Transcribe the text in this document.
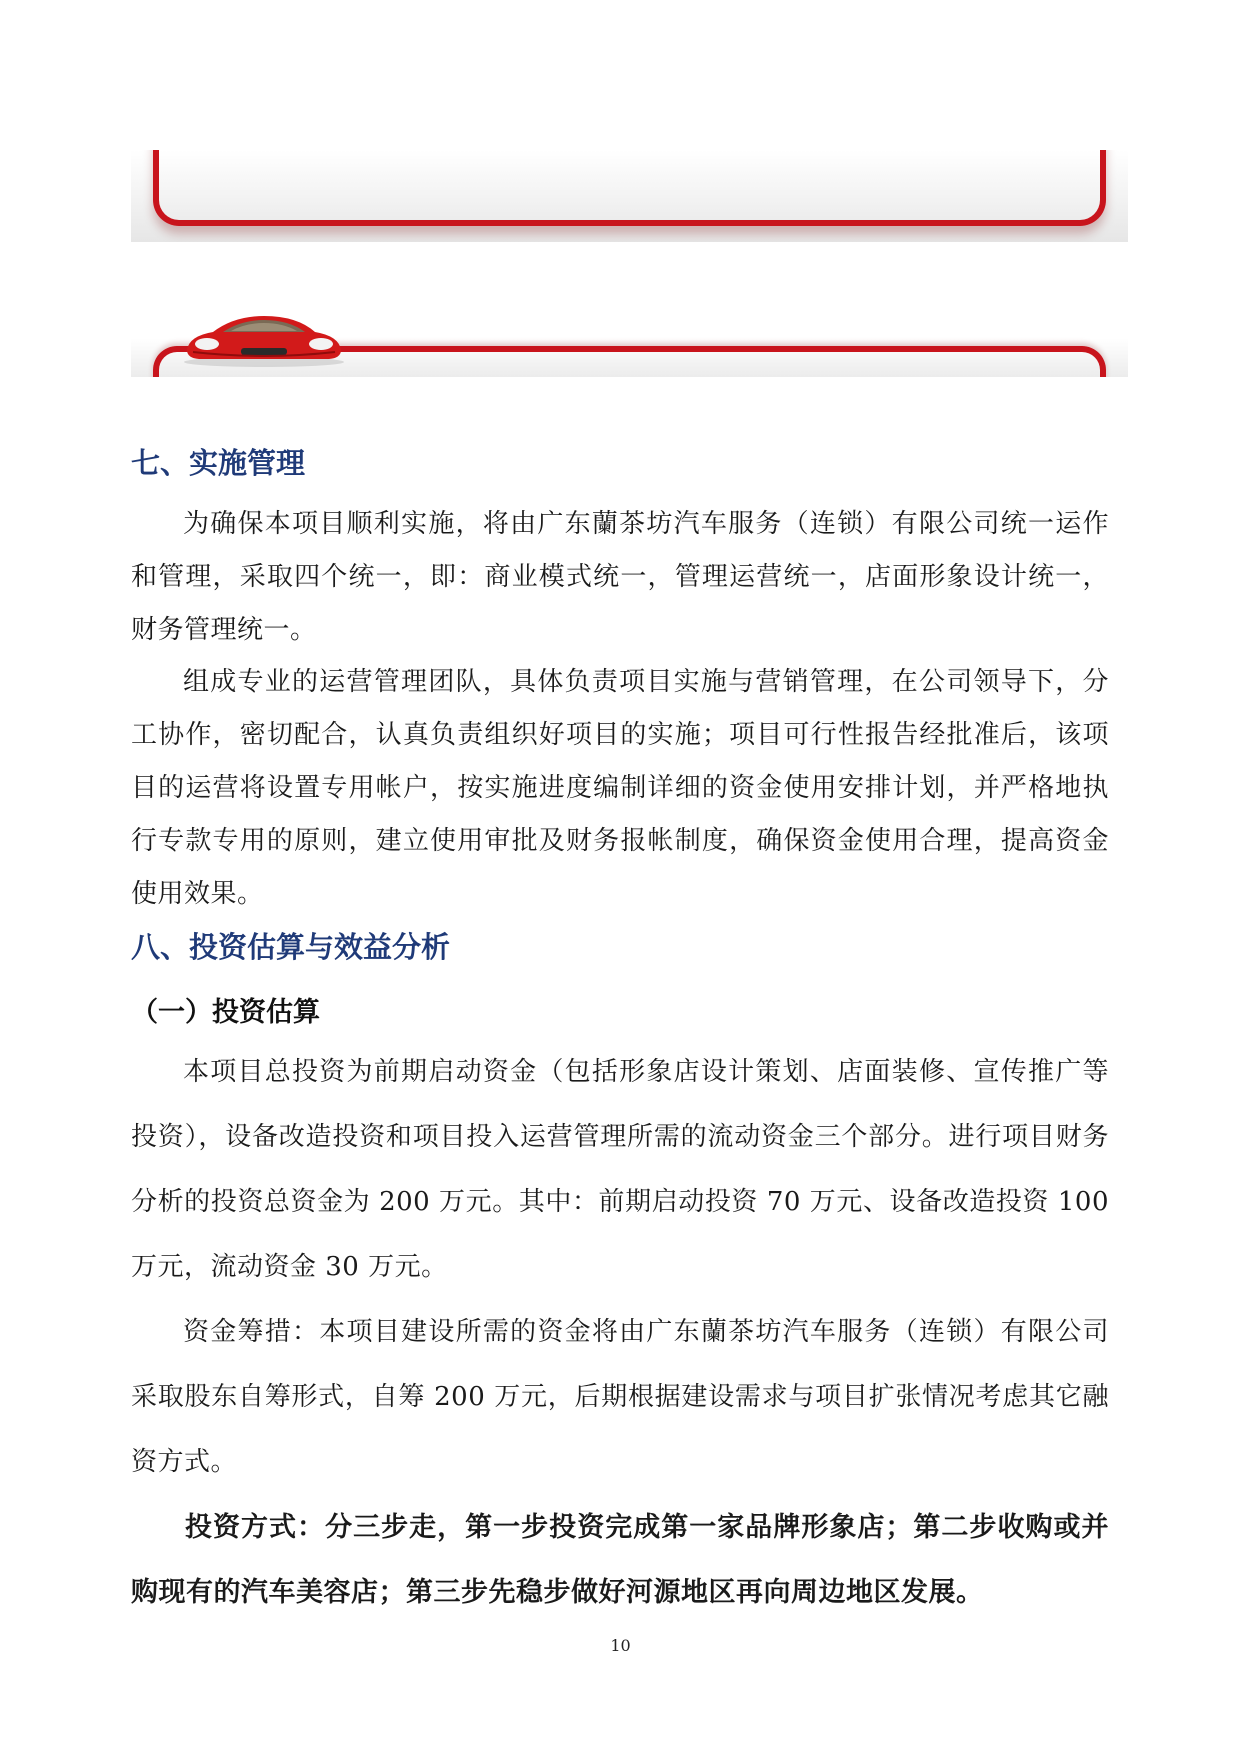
七、实施管理

为确保本项目顺利实施，将由广东蘭茶坊汽车服务（连锁）有限公司统一运作和管理，采取四个统一，即：商业模式统一，管理运营统一，店面形象设计统一，财务管理统一。

组成专业的运营管理团队，具体负责项目实施与营销管理，在公司领导下，分工协作，密切配合，认真负责组织好项目的实施；项目可行性报告经批准后，该项目的运营将设置专用帐户，按实施进度编制详细的资金使用安排计划，并严格地执行专款专用的原则，建立使用审批及财务报帐制度，确保资金使用合理，提高资金使用效果。

八、投资估算与效益分析
（一）投资估算

本项目总投资为前期启动资金（包括形象店设计策划、店面装修、宣传推广等投资），设备改造投资和项目投入运营管理所需的流动资金三个部分。进行项目财务分析的投资总资金为 200 万元。其中：前期启动投资 70 万元、设备改造投资 100 万元，流动资金 30 万元。

资金筹措：本项目建设所需的资金将由广东蘭茶坊汽车服务（连锁）有限公司采取股东自筹形式，自筹 200 万元，后期根据建设需求与项目扩张情况考虑其它融资方式。

投资方式：分三步走，第一步投资完成第一家品牌形象店；第二步收购或并购现有的汽车美容店；第三步先稳步做好河源地区再向周边地区发展。

10
